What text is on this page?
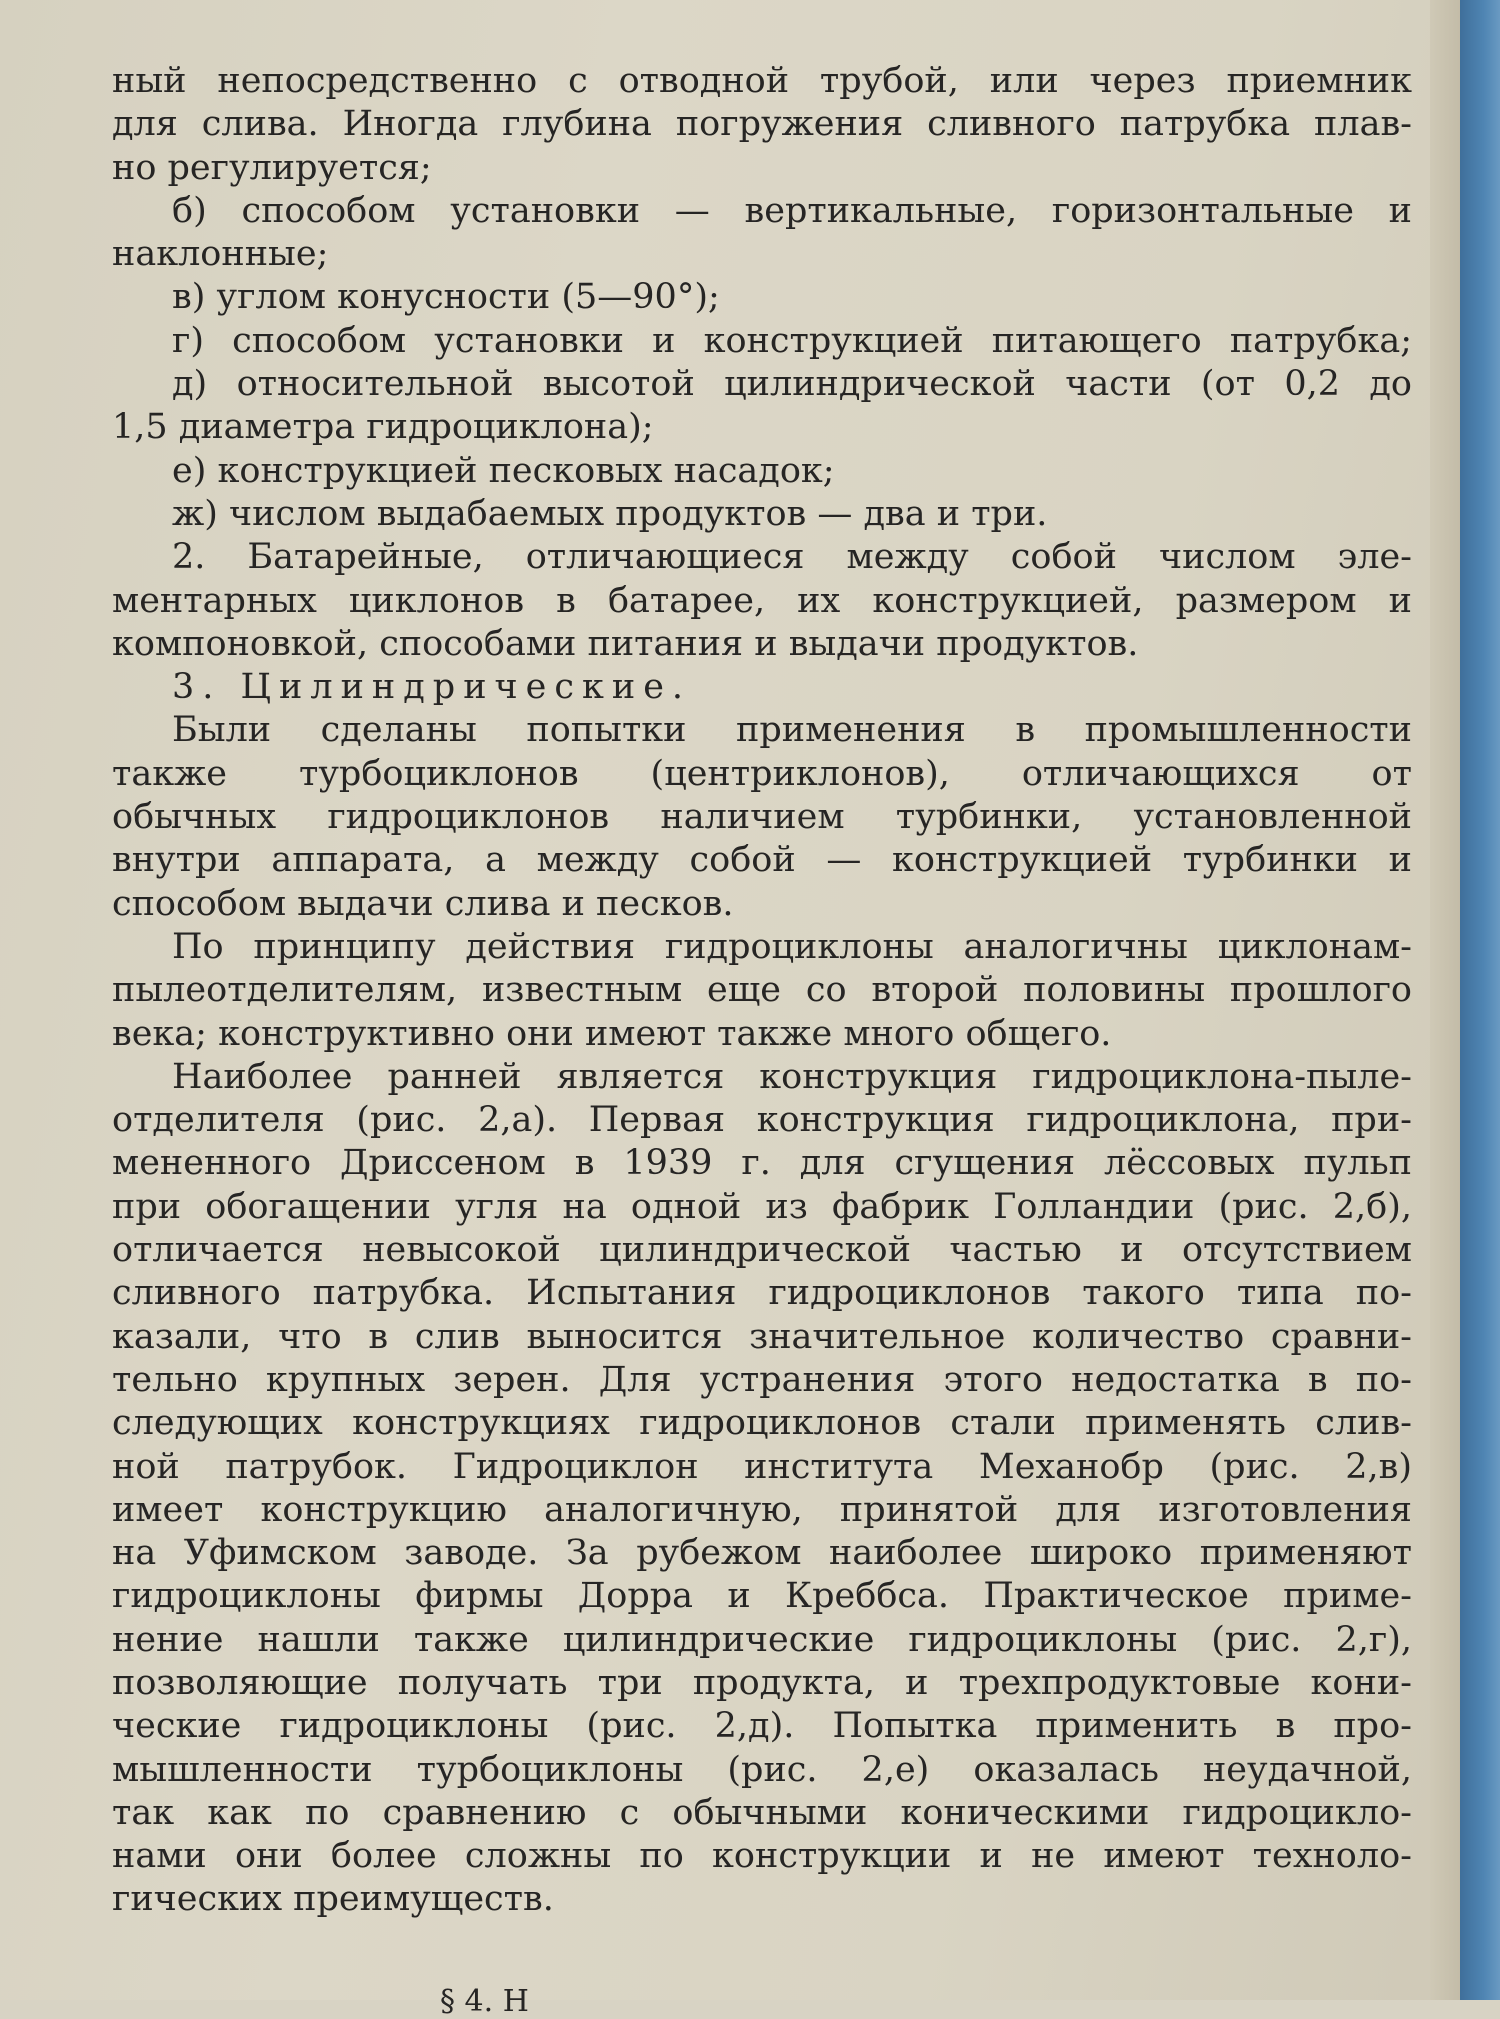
ный непосредственно с отводной трубой, или через приемник
для слива. Иногда глубина погружения сливного патрубка плав-
но регулируется;
б) способом установки — вертикальные, горизонтальные и
наклонные;
в) углом конусности (5—90°);
г) способом установки и конструкцией питающего патрубка;
д) относительной высотой цилиндрической части (от 0,2 до
1,5 диаметра гидроциклона);
е) конструкцией песковых насадок;
ж) числом выдабаемых продуктов — два и три.
2. Батарейные, отличающиеся между собой числом эле-
ментарных циклонов в батарее, их конструкцией, размером и
компоновкой, способами питания и выдачи продуктов.
3. Цилиндрические.
Были сделаны попытки применения в промышленности
также турбоциклонов (центриклонов), отличающихся от
обычных гидроциклонов наличием турбинки, установленной
внутри аппарата, а между собой — конструкцией турбинки и
способом выдачи слива и песков.
По принципу действия гидроциклоны аналогичны циклонам-
пылеотделителям, известным еще со второй половины прошлого
века; конструктивно они имеют также много общего.
Наиболее ранней является конструкция гидроциклона-пыле-
отделителя (рис. 2,а). Первая конструкция гидроциклона, при-
мененного Дриссеном в 1939 г. для сгущения лёссовых пульп
при обогащении угля на одной из фабрик Голландии (рис. 2,б),
отличается невысокой цилиндрической частью и отсутствием
сливного патрубка. Испытания гидроциклонов такого типа по-
казали, что в слив выносится значительное количество сравни-
тельно крупных зерен. Для устранения этого недостатка в по-
следующих конструкциях гидроциклонов стали применять слив-
ной патрубок. Гидроциклон института Механобр (рис. 2,в)
имеет конструкцию аналогичную, принятой для изготовления
на Уфимском заводе. За рубежом наиболее широко применяют
гидроциклоны фирмы Дорра и Креббса. Практическое приме-
нение нашли также цилиндрические гидроциклоны (рис. 2,г),
позволяющие получать три продукта, и трехпродуктовые кони-
ческие гидроциклоны (рис. 2,д). Попытка применить в про-
мышленности турбоциклоны (рис. 2,е) оказалась неудачной,
так как по сравнению с обычными коническими гидроцикло-
нами они более сложны по конструкции и не имеют техноло-
гических преимуществ.
§ 4. Н
